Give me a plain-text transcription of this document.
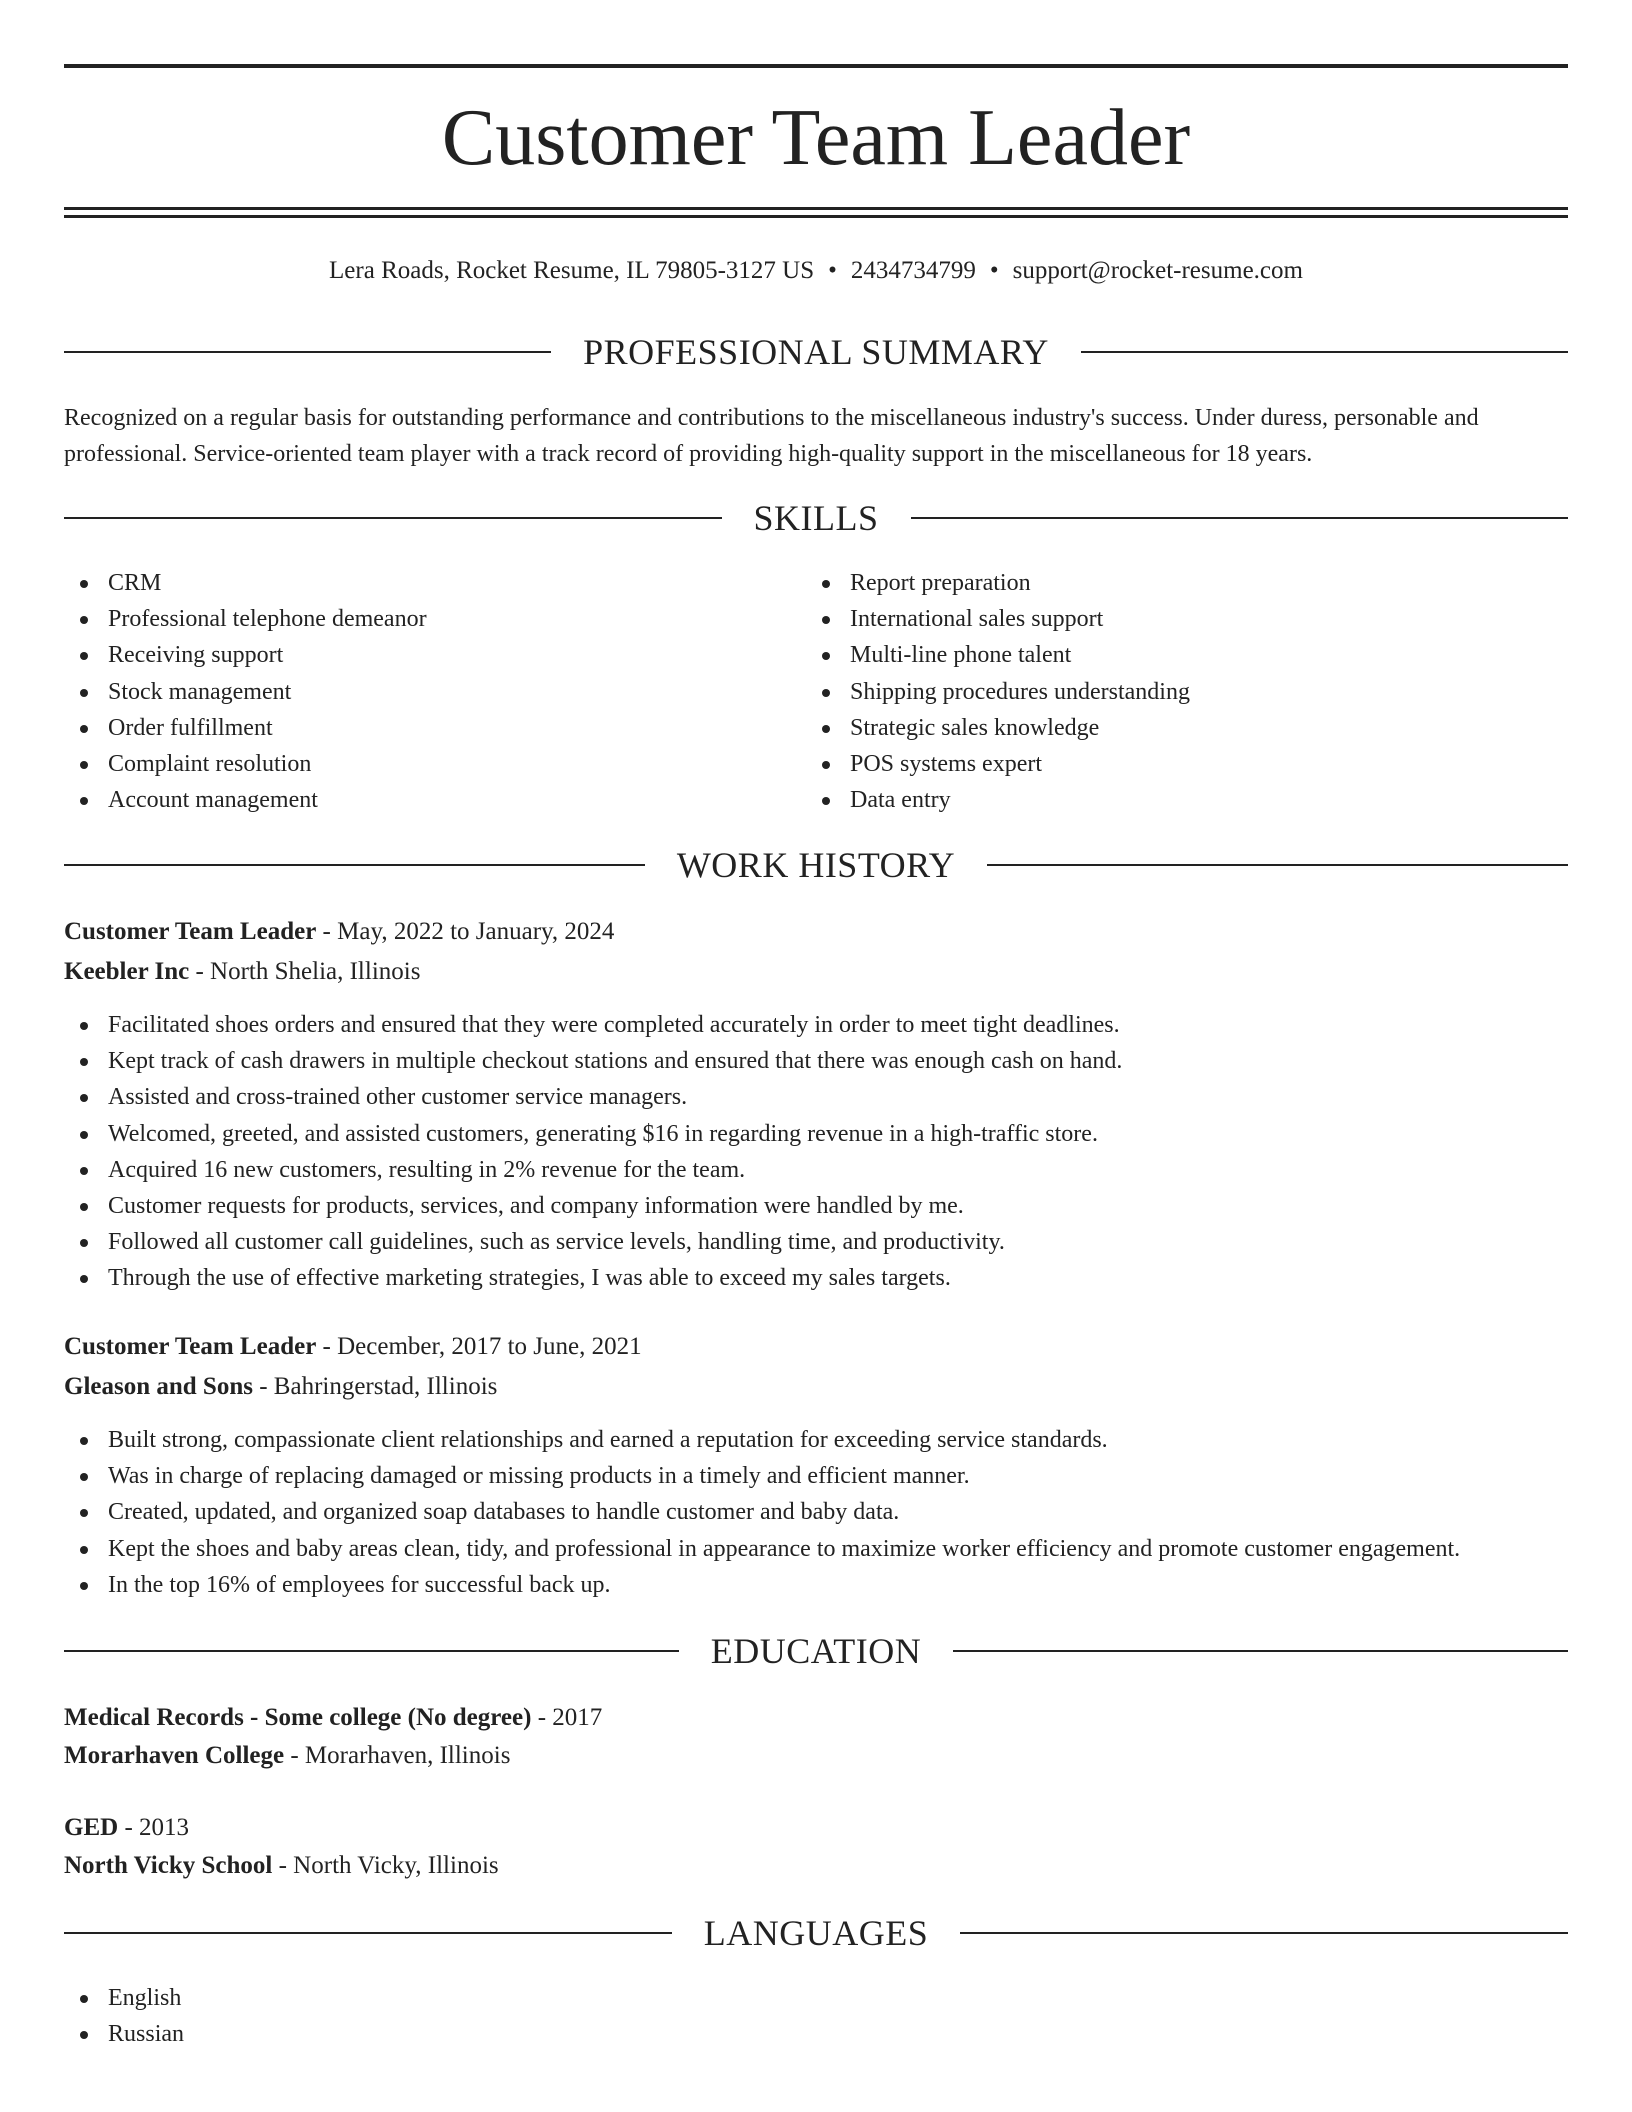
Customer Team Leader
Lera Roads, Rocket Resume, IL 79805-3127 US • 2434734799 • support@rocket-resume.com
PROFESSIONAL SUMMARY

Recognized on a regular basis for outstanding performance and contributions to the miscellaneous industry's success. Under duress, personable and professional. Service-oriented team player with a track record of providing high-quality support in the miscellaneous for 18 years.

SKILLS
CRM
Professional telephone demeanor
Receiving support
Stock management
Order fulfillment
Complaint resolution
Account management
Report preparation
International sales support
Multi-line phone talent
Shipping procedures understanding
Strategic sales knowledge
POS systems expert
Data entry
WORK HISTORY
Customer Team Leader - May, 2022 to January, 2024
Keebler Inc - North Shelia, Illinois
Facilitated shoes orders and ensured that they were completed accurately in order to meet tight deadlines.
Kept track of cash drawers in multiple checkout stations and ensured that there was enough cash on hand.
Assisted and cross-trained other customer service managers.
Welcomed, greeted, and assisted customers, generating $16 in regarding revenue in a high-traffic store.
Acquired 16 new customers, resulting in 2% revenue for the team.
Customer requests for products, services, and company information were handled by me.
Followed all customer call guidelines, such as service levels, handling time, and productivity.
Through the use of effective marketing strategies, I was able to exceed my sales targets.
Customer Team Leader - December, 2017 to June, 2021
Gleason and Sons - Bahringerstad, Illinois
Built strong, compassionate client relationships and earned a reputation for exceeding service standards.
Was in charge of replacing damaged or missing products in a timely and efficient manner.
Created, updated, and organized soap databases to handle customer and baby data.
Kept the shoes and baby areas clean, tidy, and professional in appearance to maximize worker efficiency and promote customer engagement.
In the top 16% of employees for successful back up.
EDUCATION
Medical Records - Some college (No degree) - 2017
Morarhaven College - Morarhaven, Illinois
GED - 2013
North Vicky School - North Vicky, Illinois
LANGUAGES
English
Russian
